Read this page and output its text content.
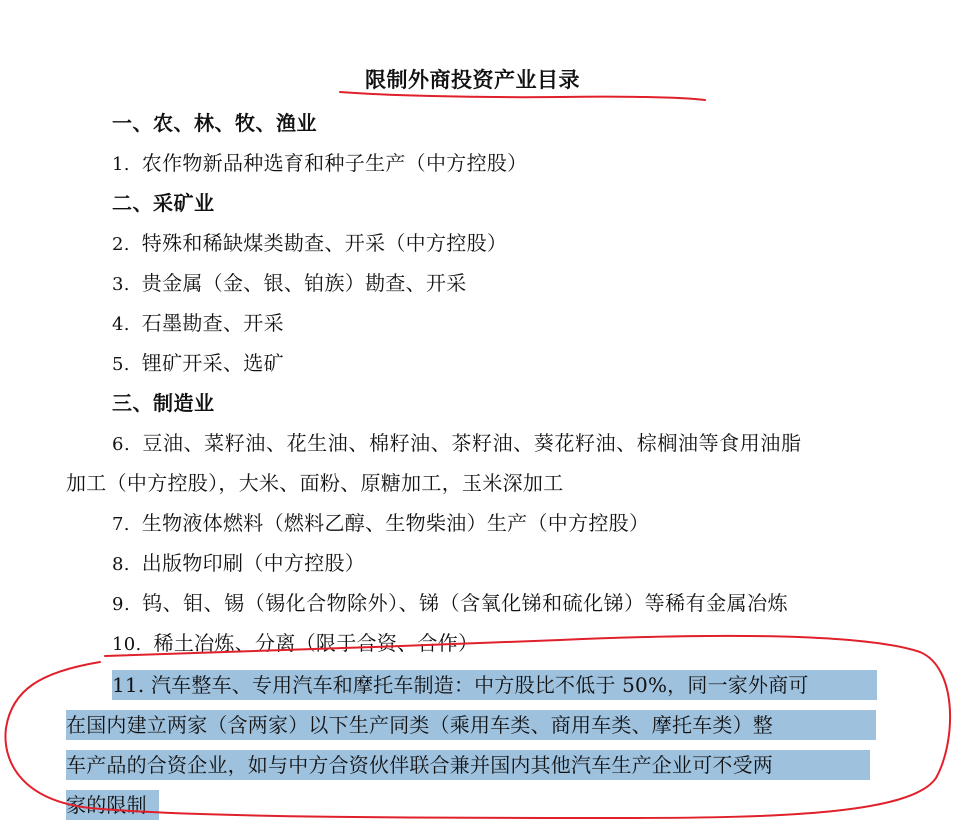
限制外商投资产业目录
一、农、林、牧、渔业
1. 农作物新品种选育和种子生产（中方控股）
二、采矿业
2. 特殊和稀缺煤类勘查、开采（中方控股）
3. 贵金属（金、银、铂族）勘查、开采
4. 石墨勘查、开采
5. 锂矿开采、选矿
三、制造业
6. 豆油、菜籽油、花生油、棉籽油、茶籽油、葵花籽油、棕榈油等食用油脂
加工（中方控股），大米、面粉、原糖加工，玉米深加工
7. 生物液体燃料（燃料乙醇、生物柴油）生产（中方控股）
8. 出版物印刷（中方控股）
9. 钨、钼、锡（锡化合物除外）、锑（含氧化锑和硫化锑）等稀有金属冶炼
10. 稀土冶炼、分离（限于合资、合作）
11. 汽车整车、专用汽车和摩托车制造：中方股比不低于 50%，同一家外商可
在国内建立两家（含两家）以下生产同类（乘用车类、商用车类、摩托车类）整
车产品的合资企业，如与中方合资伙伴联合兼并国内其他汽车生产企业可不受两
家的限制
